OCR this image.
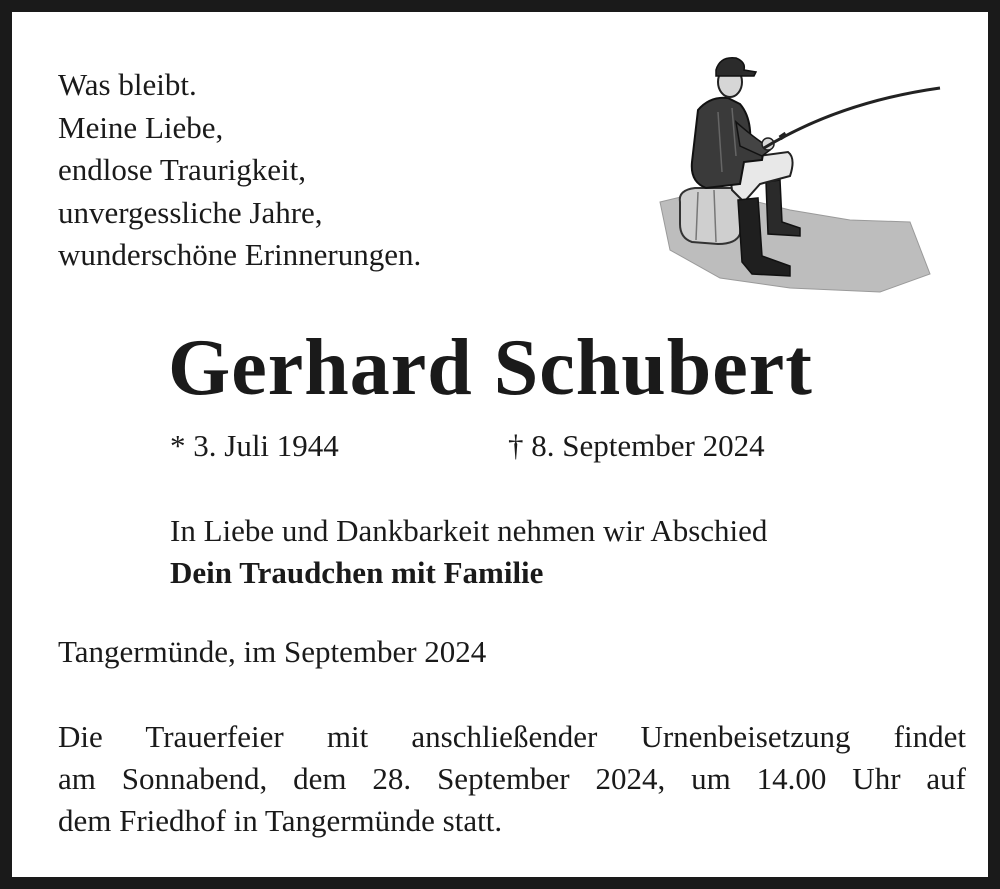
Was bleibt.
Meine Liebe,
endlose Traurigkeit,
unvergessliche Jahre,
wunderschöne Erinnerungen.
Gerhard Schubert
* 3. Juli 1944	† 8. September 2024
In Liebe und Dankbarkeit nehmen wir Abschied
Dein Traudchen mit Familie
Tangermünde, im September 2024
Die Trauerfeier mit anschließender Urnenbeisetzung findet
am Sonnabend, dem 28. September 2024, um 14.00 Uhr auf
dem Friedhof in Tangermünde statt.
